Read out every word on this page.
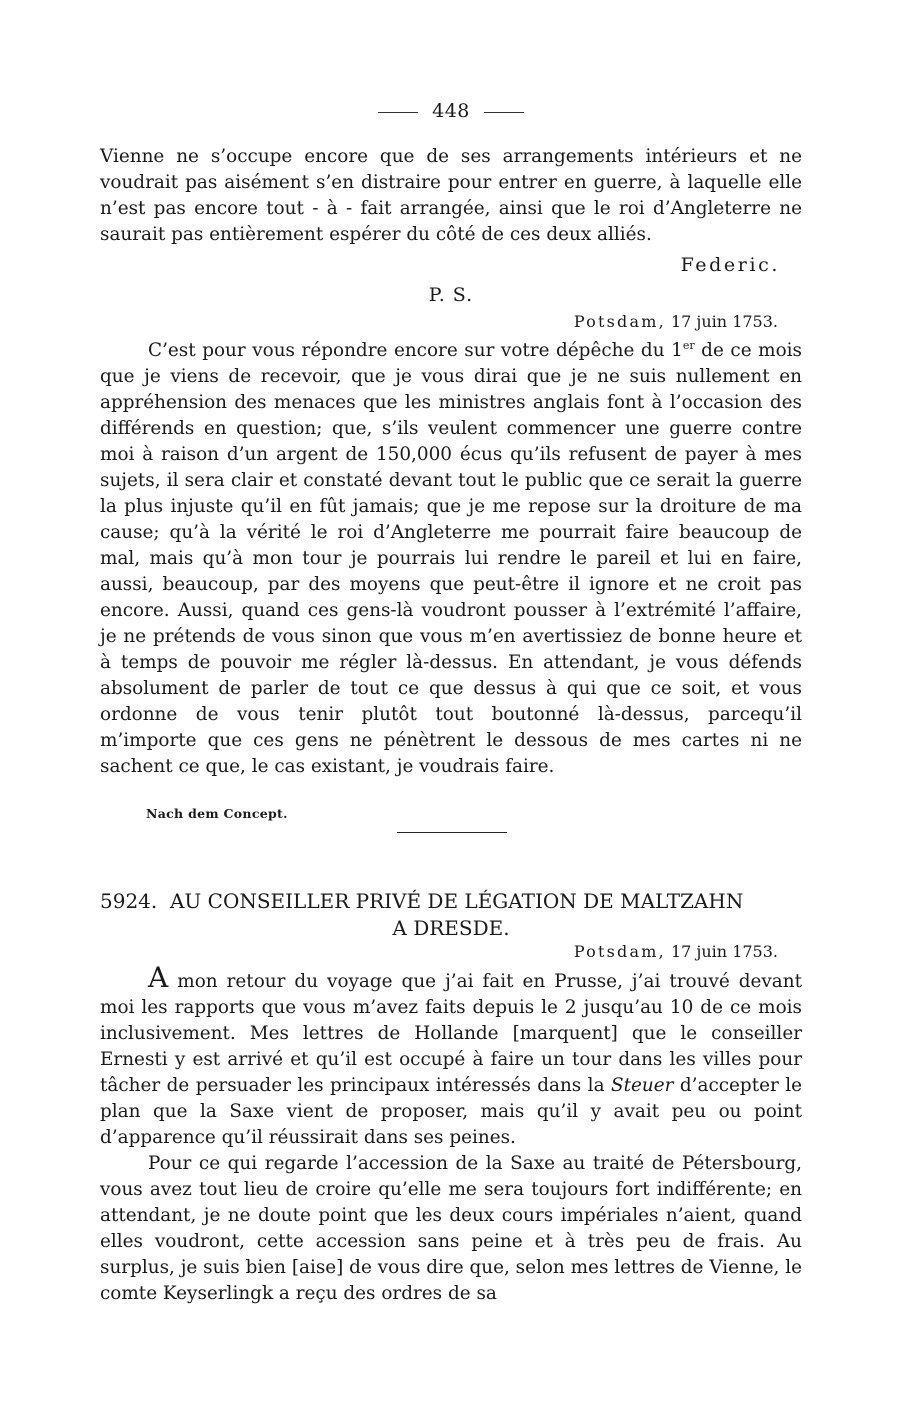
448

Vienne ne s’occupe encore que de ses arrangements intérieurs et ne voudrait pas aisément s’en distraire pour entrer en guerre, à laquelle elle n’est pas encore tout - à - fait arrangée, ainsi que le roi d’Angleterre ne saurait pas entièrement espérer du côté de ces deux alliés.

Federic.
P. S.
Potsdam, 17 juin 1753.

C’est pour vous répondre encore sur votre dépêche du 1er de ce mois que je viens de recevoir, que je vous dirai que je ne suis nullement en appréhension des menaces que les ministres anglais font à l’occasion des différends en question; que, s’ils veulent commencer une guerre contre moi à raison d’un argent de 150,000 écus qu’ils refusent de payer à mes sujets, il sera clair et constaté devant tout le public que ce serait la guerre la plus injuste qu’il en fût jamais; que je me repose sur la droiture de ma cause; qu’à la vérité le roi d’Angleterre me pourrait faire beaucoup de mal, mais qu’à mon tour je pourrais lui rendre le pareil et lui en faire, aussi, beaucoup, par des moyens que peut-être il ignore et ne croit pas encore. Aussi, quand ces gens-là voudront pousser à l’extrémité l’affaire, je ne prétends de vous sinon que vous m’en avertissiez de bonne heure et à temps de pouvoir me régler là-dessus. En attendant, je vous défends absolument de parler de tout ce que dessus à qui que ce soit, et vous ordonne de vous tenir plutôt tout boutonné là-dessus, parcequ’il m’importe que ces gens ne pénètrent le dessous de mes cartes ni ne sachent ce que, le cas existant, je voudrais faire.

Nach dem Concept.
5924. AU CONSEILLER PRIVÉ DE LÉGATION DE MALTZAHN
A DRESDE.
Potsdam, 17 juin 1753.

A mon retour du voyage que j’ai fait en Prusse, j’ai trouvé devant moi les rapports que vous m’avez faits depuis le 2 jusqu’au 10 de ce mois inclusivement. Mes lettres de Hollande [marquent] que le conseiller Ernesti y est arrivé et qu’il est occupé à faire un tour dans les villes pour tâcher de persuader les principaux intéressés dans la Steuer d’accepter le plan que la Saxe vient de proposer, mais qu’il y avait peu ou point d’apparence qu’il réussirait dans ses peines.

Pour ce qui regarde l’accession de la Saxe au traité de Pétersbourg, vous avez tout lieu de croire qu’elle me sera toujours fort indifférente; en attendant, je ne doute point que les deux cours impériales n’aient, quand elles voudront, cette accession sans peine et à très peu de frais. Au surplus, je suis bien [aise] de vous dire que, selon mes lettres de Vienne, le comte Keyserlingk a reçu des ordres de sa
